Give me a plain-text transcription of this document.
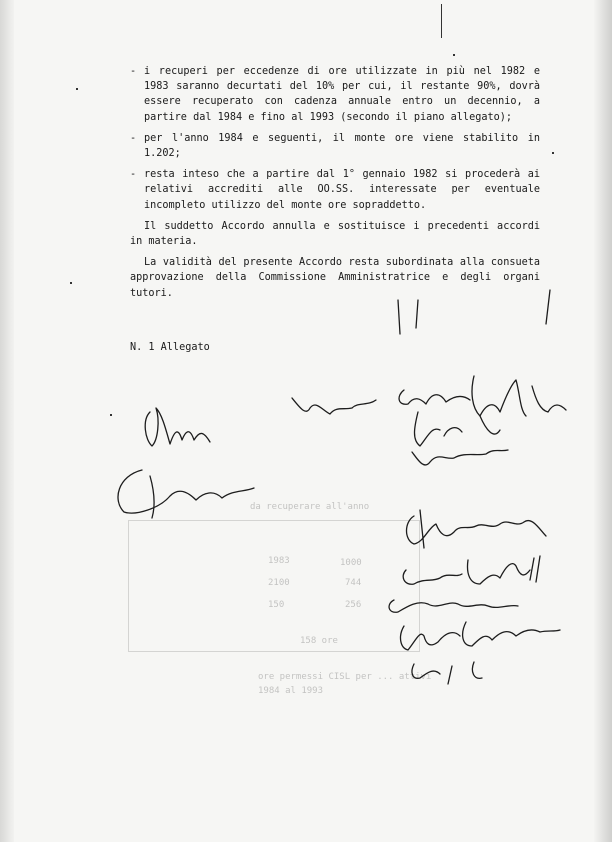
da recuperare all'anno
1983	1000
2100	744
150	256
158 ore
ore permessi CISL per ... attivi
1984 al 1993
- i recuperi per eccedenze di ore utilizzate in più nel 1982 e 1983 saranno decurtati del 10% per cui, il restante 90%, dovrà essere recuperato con cadenza annuale entro un decennio, a partire dal 1984 e fino al 1993 (secondo il piano allegato);
- per l'anno 1984 e seguenti, il monte ore viene stabilito in 1.202;
- resta inteso che a partire dal 1° gennaio 1982 si procederà ai relativi accrediti alle OO.SS. interessate per eventuale incompleto utilizzo del monte ore sopraddetto.

Il suddetto Accordo annulla e sostituisce i precedenti accordi in materia.

La validità del presente Accordo resta subordinata alla consueta approvazione della Commissione Amministratrice e degli organi tutori.

N. 1 Allegato
